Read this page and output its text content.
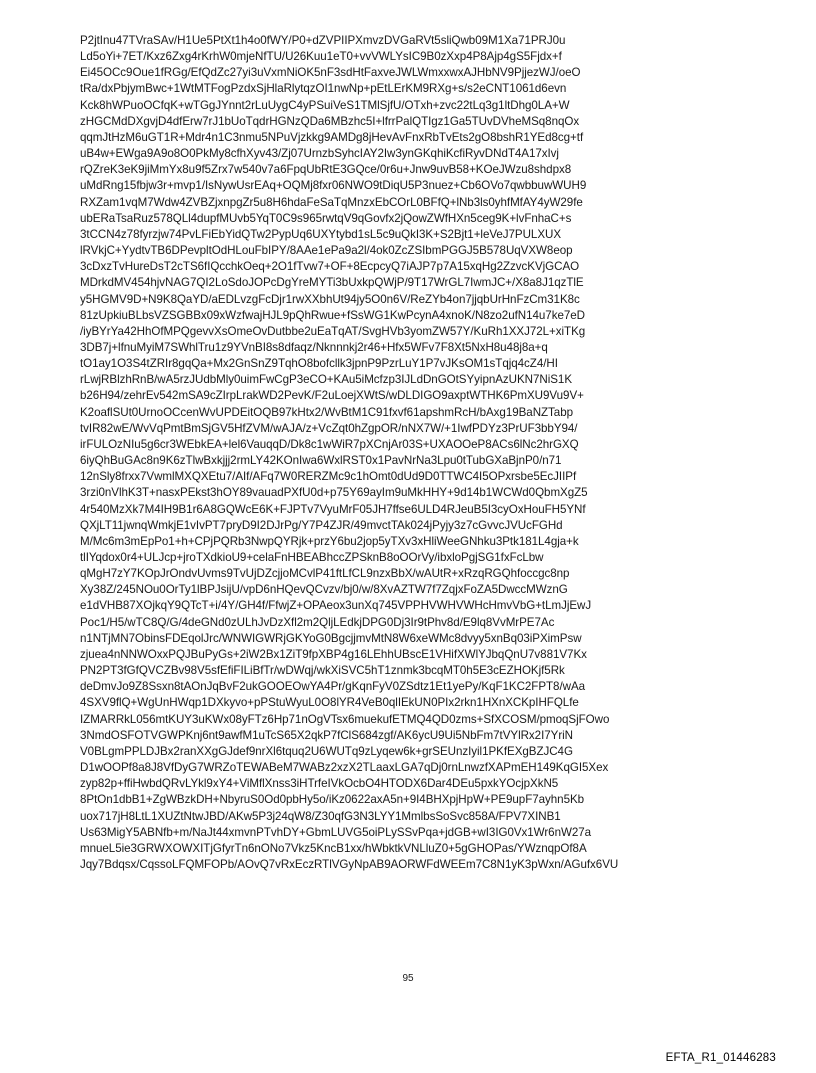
P2jtInu47TVraSAv/H1Ue5PtXt1h4o0fWY/P0+dZVPIIPXmvzDVGaRVt5sliQwb09M1Xa71PRJ0u
Ld5oYi+7ET/Kxz6Zxg4rKrhW0mjeNfTU/U26Kuu1eT0+vvVWLYsIC9B0zXxp4P8Ajp4gS5Fjdx+f
Ei45OCc9Oue1fRGg/EfQdZc27yi3uVxmNiOK5nF3sdHtFaxveJWLWmxxwxAJHbNV9PjjezWJ/oeO
tRa/dxPbjymBwc+1WtMTFogPzdxSjHlaRlytqzOI1nwNp+pEtLErKM9RXg+s/s2eCNT1061d6evn
Kck8hWPuoOCfqK+wTGgJYnnt2rLuUygC4yPSuiVeS1TMlSjfU/OTxh+zvc22tLq3g1ltDhg0LA+W
zHGCMdDXgvjD4dfErw7rJ1bUoTqdrHGNzQDa6MBzhc5I+lfrrPalQTIgz1Ga5TUvDVheMSq8nqOx
qqmJtHzM6uGT1R+Mdr4n1C3nmu5NPuVjzkkg9AMDg8jHevAvFnxRbTvEts2gO8bshR1YEd8cg+tf
uB4w+EWga9A9o8O0PkMy8cfhXyv43/Zj07UrnzbSyhcIAY2Iw3ynGKqhiKcfiRyvDNdT4A17xIvj
rQZreK3eK9jiMmYx8u9f5Zrx7w540v7a6FpqUbRtE3GQce/0r6u+Jnw9uvB58+KOeJWzu8shdpx8
uMdRng15fbjw3r+mvp1/IsNywUsrEAq+OQMj8fxr06NWO9tDiqU5P3nuez+Cb6OVo7qwbbuwWUH9
RXZam1vqM7Wdw4ZVBZjxnpgZr5u8H6hdaFeSaTqMnzxEbCOrL0BFfQ+lNb3ls0yhfMfAY4yW29fe
ubERaTsaRuz578QLl4dupfMUvb5YqT0C9s965rwtqV9qGovfx2jQowZWfHXn5ceg9K+lvFnhaC+s
3tCCN4z78fyrzjw74PvLFiEbYidQTw2PypUq6UXYtybd1sL5c9uQkI3K+S2Bjt1+leVeJ7PULXUX
lRVkjC+YydtvTB6DPevpltOdHLouFbIPY/8AAe1ePa9a2l/4ok0ZcZSIbmPGGJ5B578UqVXW8eop
3cDxzTvHureDsT2cTS6fIQcchkOeq+2O1fTvw7+OF+8EcpcyQ7iAJP7p7A15xqHg2ZzvcKVjGCAO
MDrkdMV454hjvNAG7QI2LoSdoJOPcDgYreMYTi3bUxkpQWjP/9T17WrGL7IwmJC+/X8a8J1qzTlE
y5HGMV9D+N9K8QaYD/aEDLvzgFcDjr1rwXXbhUt94jy5O0n6V/ReZYb4on7jjqbUrHnFzCm31K8c
81zUpkiuBLbsVZSGBBx09xWzfwajHJL9pQhRwue+fSsWG1KwPcynA4xnoK/N8zo2ufN14u7ke7eD
/iyBYrYa42HhOfMPQgevvXsOmeOvDutbbe2uEaTqAT/SvgHVb3yomZW57Y/KuRh1XXJ72L+xiTKg
3DB7j+lfnuMyiM7SWhlTru1z9YVnBI8s8dfaqz/Nknnnkj2r46+Hfx5WFv7F8Xt5NxH8u48j8a+q
tO1ay1O3S4tZRIr8gqQa+Mx2GnSnZ9TqhO8bofcllk3jpnP9PzrLuY1P7vJKsOM1sTqjq4cZ4/HI
rLwjRBlzhRnB/wA5rzJUdbMly0uimFwCgP3eCO+KAu5iMcfzp3IJLdDnGOtSYyipnAzUKN7NiS1K
b26H94/zehrEv542mSA9cZIrpLrakWD2PevK/F2uLoejXWtS/wDLDIGO9axptWTHK6PmXU9Vu9V+
K2oaflSUt0UrnoOCcenWvUPDEitOQB97kHtx2/WvBtM1C91fxvf61apshmRcH/bAxg19BaNZTabp
tvIR82wE/WvVqPmtBmSjGV5HfZVM/wAJA/z+VcZqt0hZgpOR/nNX7W/+1IwfPDYz3PrUF3bbY94/
irFULOzNIu5g6cr3WEbkEA+lel6VauqqD/Dk8c1wWiR7pXCnjAr03S+UXAOOeP8ACs6lNc2hrGXQ
6iyQhBuGAc8n9K6zTlwBxkjjj2rmLY42KOnIwa6WxlRST0x1PavNrNa3Lpu0tTubGXaBjnP0/n71
12nSly8frxx7VwmlMXQXEtu7/AIf/AFq7W0RERZMc9c1hOmt0dUd9D0TTWC4I5OPxrsbe5EcJIIPf
3rzi0nVlhK3T+nasxPEkst3hOY89vauadPXfU0d+p75Y69ayIm9uMkHHY+9d14b1WCWd0QbmXgZ5
4r540MzXk7M4IH9B1r6A8GQWcE6K+FJPTv7VyuMrF05JH7ffse6ULD4RJeuB5I3cyOxHouFH5YNf
QXjLT11jwnqWmkjE1vIvPT7pryD9I2DJrPg/Y7P4ZJR/49mvctTAk024jPyjy3z7cGvvcJVUcFGHd
M/Mc6m3mEpPo1+h+CPjPQRb3NwpQYRjk+przY6bu2jop5yTXv3xHliWeeGNhku3Ptk181L4gja+k
tlIYqdox0r4+ULJcp+jroTXdkioU9+celaFnHBEABhccZPSknB8oOOrVy/ibxloPgjSG1fxFcLbw
qMgH7zY7KOpJrOndvUvms9TvUjDZcjjoMCvlP41ftLfCL9nzxBbX/wAUtR+xRzqRGQhfoccgc8np
Xy38Z/245NOu0OrTy1lBPJsijU/vpD6nHQevQCvzv/bj0/w/8XvAZTW7f7ZqjxFoZA5DwccMWznG
e1dVHB87XOjkqY9QTcT+i/4Y/GH4f/FfwjZ+OPAeox3unXq745VPPHVWHVWHcHmvVbG+tLmJjEwJ
Poc1/H5/wTC8Q/G/4deGNd0zULhJvDzXfl2m2QljLEdkjDPG0Dj3Ir9tPhv8d/E9lq8VvMrPE7Ac
n1NTjMN7ObinsFDEqolJrc/WNWIGWRjGKYoG0BgcjjmvMtN8W6xeWMc8dvyy5xnBq03iPXimPsw
zjuea4nNNWOxxPQJBuPyGs+2iW2Bx1ZiT9fpXBP4g16LEhhUBscE1VHifXWlYJbqQnU7v881V7Kx
PN2PT3fGfQVCZBv98V5sfEfiFILiBfTr/wDWqj/wkXiSVC5hT1znmk3bcqMT0h5E3cEZHOKjf5Rk
deDmvJo9Z8Ssxn8tAOnJqBvF2ukGOOEOwYA4Pr/gKqnFyV0ZSdtz1Et1yePy/KqF1KC2FPT8/wAa
4SXV9flQ+WgUnHWqp1DXkyvo+pPStuWyuL0O8lYR4VeB0qlIEkUN0PIx2rkn1HXnXCKpIHFQLfe
IZMARRkL056mtKUY3uKWx08yFTz6Hp71nOgVTsx6muekufETMQ4QD0zms+SfXCOSM/pmoqSjFOwo
3NmdOSFOTVGWPKnj6nt9awfM1uTcS65X2qkP7fClS684zgf/AK6ycU9Ui5NbFm7tVYlRx2I7YriN
V0BLgmPPLDJBx2ranXXgGJdef9nrXl6tquq2U6WUTq9zLyqew6k+grSEUnzIyil1PKfEXgBZJC4G
D1wOOPf8a8J8VfDyG7WRZoTEWABeM7WABz2xzX2TLaaxLGA7qDj0rnLnwzfXAPmEH149KqGI5Xex
zyp82p+ffiHwbdQRvLYkl9xY4+ViMflXnss3iHTrfeIVkOcbO4HTODX6Dar4DEu5pxkYOcjpXkN5
8PtOn1dbB1+ZgWBzkDH+NbyruS0Od0pbHy5o/iKz0622axA5n+9I4BHXpjHpW+PE9upF7ayhn5Kb
uox717jH8LtL1XUZtNtwJBD/AKw5P3j24qW8/Z30qfG3N3LYY1MmlbsSoSvc858A/FPV7XINB1
Us63MigY5ABNfb+m/NaJt44xmvnPTvhDY+GbmLUVG5oiPLySSvPqa+jdGB+wI3IG0Vx1Wr6nW27a
mnueL5ie3GRWXOWXITjGfyrTn6nONo7Vkz5KncB1xx/hWbktkVNLluZ0+5gGHOPas/YWznqpOf8A
Jqy7Bdqsx/CqssoLFQMFOPb/AOvQ7vRxEczRTlVGyNpAB9AORWFdWEEm7C8N1yK3pWxn/AGufx6VU
95
EFTA_R1_01446283
